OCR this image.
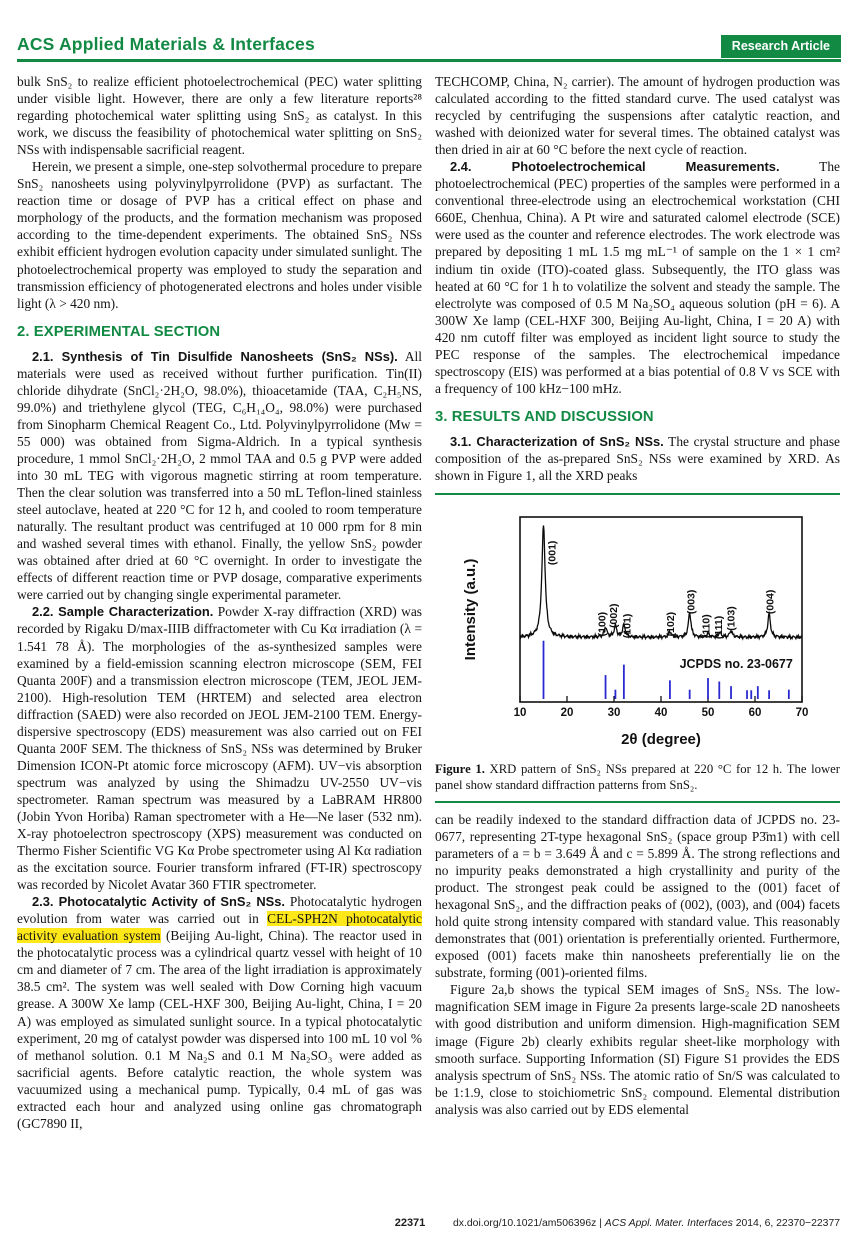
ACS Applied Materials & Interfaces	Research Article

bulk SnS₂ to realize efficient photoelectrochemical (PEC) water splitting under visible light. However, there are only a few literature reports²⁸ regarding photochemical water splitting using SnS₂ as catalyst. In this work, we discuss the feasibility of photochemical water splitting on SnS₂ NSs with indispensable sacrificial reagent.

Herein, we present a simple, one-step solvothermal procedure to prepare SnS₂ nanosheets using polyvinylpyrrolidone (PVP) as surfactant. The reaction time or dosage of PVP has a critical effect on phase and morphology of the products, and the formation mechanism was proposed according to the time-dependent experiments. The obtained SnS₂ NSs exhibit efficient hydrogen evolution capacity under simulated sunlight. The photoelectrochemical property was employed to study the separation and transmission efficiency of photogenerated electrons and holes under visible light (λ > 420 nm).

2. EXPERIMENTAL SECTION

2.1. Synthesis of Tin Disulfide Nanosheets (SnS₂ NSs). All materials were used as received without further purification. Tin(II) chloride dihydrate (SnCl₂·2H₂O, 98.0%), thioacetamide (TAA, C₂H₅NS, 99.0%) and triethylene glycol (TEG, C₆H₁₄O₄, 98.0%) were purchased from Sinopharm Chemical Reagent Co., Ltd. Polyvinylpyrrolidone (Mw = 55 000) was obtained from Sigma-Aldrich. In a typical synthesis procedure, 1 mmol SnCl₂·2H₂O, 2 mmol TAA and 0.5 g PVP were added into 30 mL TEG with vigorous magnetic stirring at room temperature. Then the clear solution was transferred into a 50 mL Teflon-lined stainless steel autoclave, heated at 220 °C for 12 h, and cooled to room temperature naturally. The resultant product was centrifuged at 10 000 rpm for 8 min and washed several times with ethanol. Finally, the yellow SnS₂ powder was obtained after dried at 60 °C overnight. In order to investigate the effects of different reaction time or PVP dosage, comparative experiments were carried out by changing single experimental parameter.

2.2. Sample Characterization. Powder X-ray diffraction (XRD) was recorded by Rigaku D/max-IIIB diffractometer with Cu Kα irradiation (λ = 1.541 78 Å). The morphologies of the as-synthesized samples were examined by a field-emission scanning electron microscope (SEM, FEI Quanta 200F) and a transmission electron microscope (TEM, JEOL JEM-2100). High-resolution TEM (HRTEM) and selected area electron diffraction (SAED) were also recorded on JEOL JEM-2100 TEM. Energy-dispersive spectroscopy (EDS) measurement was also carried out on FEI Quanta 200F SEM. The thickness of SnS₂ NSs was determined by Bruker Dimension ICON-Pt atomic force microscopy (AFM). UV−vis absorption spectrum was analyzed by using the Shimadzu UV-2550 UV−vis spectrometer. Raman spectrum was measured by a LaBRAM HR800 (Jobin Yvon Horiba) Raman spectrometer with a He—Ne laser (532 nm). X-ray photoelectron spectroscopy (XPS) measurement was conducted on Thermo Fisher Scientific VG Kα Probe spectrometer using Al Kα radiation as the excitation source. Fourier transform infrared (FT-IR) spectroscopy was recorded by Nicolet Avatar 360 FTIR spectrometer.

2.3. Photocatalytic Activity of SnS₂ NSs. Photocatalytic hydrogen evolution from water was carried out in CEL-SPH2N photocatalytic activity evaluation system (Beijing Au-light, China). The reactor used in the photocatalytic process was a cylindrical quartz vessel with height of 10 cm and diameter of 7 cm. The area of the light irradiation is approximately 38.5 cm². The system was well sealed with Dow Corning high vacuum grease. A 300W Xe lamp (CEL-HXF 300, Beijing Au-light, China, I = 20 A) was employed as simulated sunlight source. In a typical photocatalytic experiment, 20 mg of catalyst powder was dispersed into 100 mL 10 vol % of methanol solution. 0.1 M Na₂S and 0.1 M Na₂SO₃ were added as sacrificial agents. Before catalytic reaction, the whole system was vacuumized using a mechanical pump. Typically, 0.4 mL of gas was extracted each hour and analyzed using online gas chromatograph (GC7890 II,

TECHCOMP, China, N₂ carrier). The amount of hydrogen production was calculated according to the fitted standard curve. The used catalyst was recycled by centrifuging the suspensions after catalytic reaction, and washed with deionized water for several times. The obtained catalyst was then dried in air at 60 °C before the next cycle of reaction.

2.4. Photoelectrochemical Measurements.	The photoelectrochemical (PEC) properties of the samples were performed in a conventional three-electrode using an electrochemical workstation (CHI 660E, Chenhua, China). A Pt wire and saturated calomel electrode (SCE) were used as the counter and reference electrodes. The work electrode was prepared by depositing 1 mL 1.5 mg mL⁻¹ of sample on the 1 × 1 cm² indium tin oxide (ITO)-coated glass. Subsequently, the ITO glass was heated at 60 °C for 1 h to volatilize the solvent and steady the sample. The electrolyte was composed of 0.5 M Na₂SO₄ aqueous solution (pH = 6). A 300W Xe lamp (CEL-HXF 300, Beijing Au-light, China, I = 20 A) with 420 nm cutoff filter was employed as incident light source to study the PEC response of the samples. The electrochemical impedance spectroscopy (EIS) was performed at a bias potential of 0.8 V vs SCE with a frequency of 100 kHz−100 mHz.

3. RESULTS AND DISCUSSION

3.1. Characterization of SnS₂ NSs. The crystal structure and phase composition of the as-prepared SnS₂ NSs were examined by XRD. As shown in Figure 1, all the XRD peaks

10	20	30	40	50	60	70
(001)
(100) (002) (101)	(102)
(003)
(110) (111) (103)
(004)
JCPDS no. 23-0677
2θ (degree)
Intensity (a.u.)

Figure 1. XRD pattern of SnS₂ NSs prepared at 220 °C for 12 h. The lower panel show standard diffraction patterns from SnS₂.

can be readily indexed to the standard diffraction data of JCPDS no. 23-0677, representing 2T-type hexagonal SnS₂ (space group P3̄m1) with cell parameters of a = b = 3.649 Å and c = 5.899 Å. The strong reflections and no impurity peaks demonstrated a high crystallinity and purity of the product. The strongest peak could be assigned to the (001) facet of hexagonal SnS₂, and the diffraction peaks of (002), (003), and (004) facets hold quite strong intensity compared with standard value. This reasonably demonstrates that (001) orientation is preferentially oriented. Furthermore, exposed (001) facets make thin nanosheets preferentially lie on the substrate, forming (001)-oriented films.

Figure 2a,b shows the typical SEM images of SnS₂ NSs. The low-magnification SEM image in Figure 2a presents large-scale 2D nanosheets with good distribution and uniform dimension. High-magnification SEM image (Figure 2b) clearly exhibits regular sheet-like morphology with smooth surface. Supporting Information (SI) Figure S1 provides the EDS analysis spectrum of SnS₂ NSs. The atomic ratio of Sn/S was calculated to be 1:1.9, close to stoichiometric SnS₂ compound. Elemental distribution analysis was also carried out by EDS elemental

22371	dx.doi.org/10.1021/am506396z | ACS Appl. Mater. Interfaces 2014, 6, 22370−22377
